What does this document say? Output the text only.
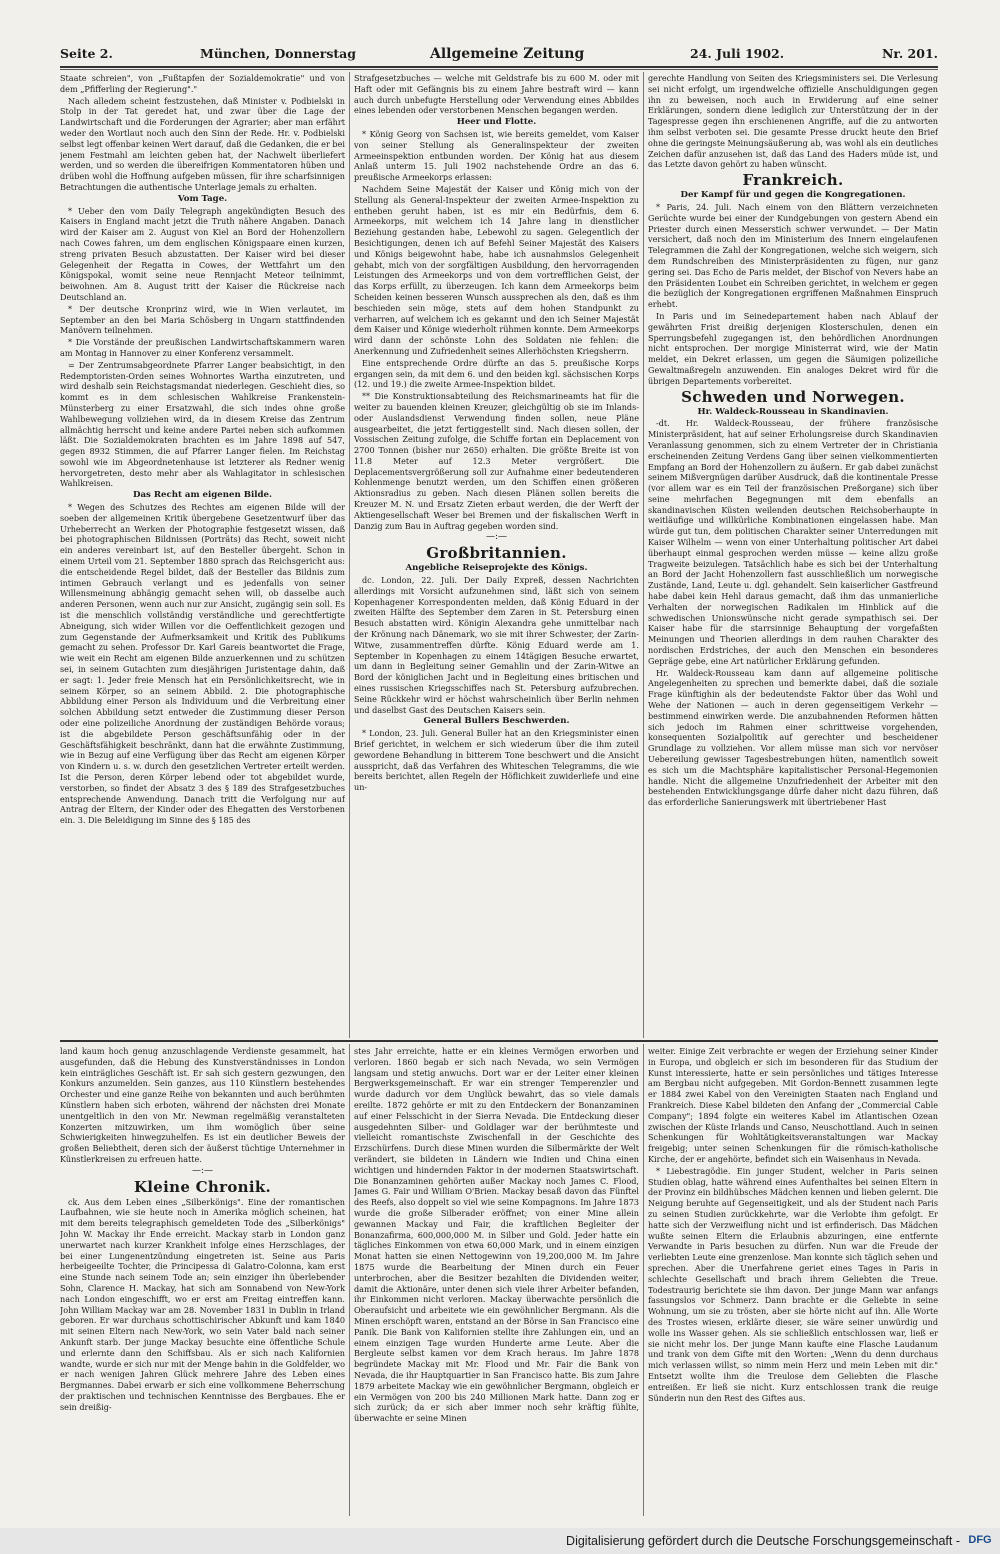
Seite 2.	München, Donnerstag	Allgemeine Zeitung	24. Juli 1902.	Nr. 201.

Staate schreien", von „Fußtapfen der Sozialdemokratie" und von dem „Pfifferling der Regierung"."

Nach alledem scheint festzustehen, daß Minister v. Podbielski in Stolp in der Tat geredet hat, und zwar über die Lage der Landwirtschaft und die Forderungen der Agrarier; aber man erfährt weder den Wortlaut noch auch den Sinn der Rede. Hr. v. Podbielski selbst legt offenbar keinen Wert darauf, daß die Gedanken, die er bei jenem Festmahl am leichten geben hat, der Nachwelt überliefert werden, und so werden die übereifrigen Kommentatoren hüben und drüben wohl die Hoffnung aufgeben müssen, für ihre scharfsinnigen Betrachtungen die authentische Unterlage jemals zu erhalten.

Vom Tage.

* Ueber den vom Daily Telegraph angekündigten Besuch des Kaisers in England macht jetzt die Truth nähere Angaben. Danach wird der Kaiser am 2. August von Kiel an Bord der Hohenzollern nach Cowes fahren, um dem englischen Königspaare einen kurzen, streng privaten Besuch abzustatten. Der Kaiser wird bei dieser Gelegenheit der Regatta in Cowes, der Wettfahrt um den Königspokal, womit seine neue Rennjacht Meteor teilnimmt, beiwohnen. Am 8. August tritt der Kaiser die Rückreise nach Deutschland an.

* Der deutsche Kronprinz wird, wie in Wien verlautet, im September an den bei Maria Schösberg in Ungarn stattfindenden Manövern teilnehmen.

* Die Vorstände der preußischen Landwirtschaftskammern waren am Montag in Hannover zu einer Konferenz versammelt.

= Der Zentrumsabgeordnete Pfarrer Langer beabsichtigt, in den Redemptoristen-Orden seines Wohnortes Wartha einzutreten, und wird deshalb sein Reichstagsmandat niederlegen. Geschieht dies, so kommt es in dem schlesischen Wahlkreise Frankenstein-Münsterberg zu einer Ersatzwahl, die sich indes ohne große Wahlbewegung vollziehen wird, da in diesem Kreise das Zentrum allmächtig herrscht und keine andere Partei neben sich aufkommen läßt. Die Sozialdemokraten brachten es im Jahre 1898 auf 547, gegen 8932 Stimmen, die auf Pfarrer Langer fielen. Im Reichstag sowohl wie im Abgeordnetenhause ist letzterer als Redner wenig hervorgetreten, desto mehr aber als Wahlagitator in schlesischen Wahlkreisen.

Das Recht am eigenen Bilde.

* Wegen des Schutzes des Rechtes am eigenen Bilde will der soeben der allgemeinen Kritik übergebene Gesetzentwurf über das Urheberrecht an Werken der Photographie festgesetzt wissen, daß bei photographischen Bildnissen (Porträts) das Recht, soweit nicht ein anderes vereinbart ist, auf den Besteller übergeht. Schon in einem Urteil vom 21. September 1880 sprach das Reichsgericht aus: die entscheidende Regel bildet, daß der Besteller das Bildnis zum intimen Gebrauch verlangt und es jedenfalls von seiner Willensmeinung abhängig gemacht sehen will, ob dasselbe auch anderen Personen, wenn auch nur zur Ansicht, zugängig sein soll. Es ist die menschlich vollständig verständliche und gerechtfertigte Abneigung, sich wider Willen vor die Oeffentlichkeit gezogen und zum Gegenstande der Aufmerksamkeit und Kritik des Publikums gemacht zu sehen. Professor Dr. Karl Gareis beantwortet die Frage, wie weit ein Recht am eigenen Bilde anzuerkennen und zu schützen sei, in seinem Gutachten zum diesjährigen Juristentage dahin, daß er sagt: 1. Jeder freie Mensch hat ein Persönlichkeitsrecht, wie in seinem Körper, so an seinem Abbild. 2. Die photographische Abbildung einer Person als Individuum und die Verbreitung einer solchen Abbildung setzt entweder die Zustimmung dieser Person oder eine polizeiliche Anordnung der zuständigen Behörde voraus; ist die abgebildete Person geschäftsunfähig oder in der Geschäftsfähigkeit beschränkt, dann hat die erwähnte Zustimmung, wie in Bezug auf eine Verfügung über das Recht am eigenen Körper von Kindern u. s. w. durch den gesetzlichen Vertreter erteilt werden. Ist die Person, deren Körper lebend oder tot abgebildet wurde, verstorben, so findet der Absatz 3 des § 189 des Strafgesetzbuches entsprechende Anwendung. Danach tritt die Verfolgung nur auf Antrag der Eltern, der Kinder oder des Ehegatten des Verstorbenen ein. 3. Die Beleidigung im Sinne des § 185 des

Strafgesetzbuches — welche mit Geldstrafe bis zu 600 M. oder mit Haft oder mit Gefängnis bis zu einem Jahre bestraft wird — kann auch durch unbefugte Herstellung oder Verwendung eines Abbildes eines lebenden oder verstorbenen Menschen begangen werden.

Heer und Flotte.

* König Georg von Sachsen ist, wie bereits gemeldet, vom Kaiser von seiner Stellung als Generalinspekteur der zweiten Armeeinspektion entbunden worden. Der König hat aus diesem Anlaß unterm 15. Juli 1902 nachstehende Ordre an das 6. preußische Armeekorps erlassen:

Nachdem Seine Majestät der Kaiser und König mich von der Stellung als General-Inspekteur der zweiten Armee-Inspektion zu entheben geruht haben, ist es mir ein Bedürfnis, dem 6. Armeekorps, mit welchem ich 14 Jahre lang in dienstlicher Beziehung gestanden habe, Lebewohl zu sagen. Gelegentlich der Besichtigungen, denen ich auf Befehl Seiner Majestät des Kaisers und Königs beigewohnt habe, habe ich ausnahmslos Gelegenheit gehabt, mich von der sorgfältigen Ausbildung, den hervorragenden Leistungen des Armeekorps und von dem vortrefflichen Geist, der das Korps erfüllt, zu überzeugen. Ich kann dem Armeekorps beim Scheiden keinen besseren Wunsch aussprechen als den, daß es ihm beschieden sein möge, stets auf dem hohen Standpunkt zu verharren, auf welchem ich es gekannt und den ich Seiner Majestät dem Kaiser und Könige wiederholt rühmen konnte. Dem Armeekorps wird dann der schönste Lohn des Soldaten nie fehlen: die Anerkennung und Zufriedenheit seines Allerhöchsten Kriegsherrn.

Eine entsprechende Ordre dürfte an das 5. preußische Korps ergangen sein, da mit dem 6. und den beiden kgl. sächsischen Korps (12. und 19.) die zweite Armee-Inspektion bildet.

** Die Konstruktionsabteilung des Reichsmarineamts hat für die weiter zu bauenden kleinen Kreuzer, gleichgültig ob sie im Inlands- oder Auslandsdienst Verwendung finden sollen, neue Pläne ausgearbeitet, die jetzt fertiggestellt sind. Nach diesen sollen, der Vossischen Zeitung zufolge, die Schiffe fortan ein Deplacement von 2700 Tonnen (bisher nur 2650) erhalten. Die größte Breite ist von 11.8 Meter auf 12.3 Meter vergrößert. Die Deplacementsvergrößerung soll zur Aufnahme einer bedeutenderen Kohlenmenge benutzt werden, um den Schiffen einen größeren Aktionsradius zu geben. Nach diesen Plänen sollen bereits die Kreuzer M. N. und Ersatz Zieten erbaut werden, die der Werft der Aktiengesellschaft Weser bei Bremen und der fiskalischen Werft in Danzig zum Bau in Auftrag gegeben worden sind.

—:—

Großbritannien.

Angebliche Reiseprojekte des Königs.

dc. London, 22. Juli. Der Daily Expreß, dessen Nachrichten allerdings mit Vorsicht aufzunehmen sind, läßt sich von seinem Kopenhagener Korrespondenten melden, daß König Eduard in der zweiten Hälfte des September dem Zaren in St. Petersburg einen Besuch abstatten wird. Königin Alexandra gehe unmittelbar nach der Krönung nach Dänemark, wo sie mit ihrer Schwester, der Zarin-Witwe, zusammentreffen dürfte. König Eduard werde am 1. September in Kopenhagen zu einem 14tägigen Besuche erwartet, um dann in Begleitung seiner Gemahlin und der Zarin-Witwe an Bord der königlichen Jacht und in Begleitung eines britischen und eines russischen Kriegsschiffes nach St. Petersburg aufzubrechen. Seine Rückkehr wird er höchst wahrscheinlich über Berlin nehmen und daselbst Gast des Deutschen Kaisers sein.

General Bullers Beschwerden.

* London, 23. Juli. General Buller hat an den Kriegsminister einen Brief gerichtet, in welchem er sich wiederum über die ihm zuteil gewordene Behandlung in bitterem Tone beschwert und die Ansicht ausspricht, daß das Verfahren des Whiteschen Telegramms, die wie bereits berichtet, allen Regeln der Höflichkeit zuwiderliefe und eine un-

gerechte Handlung von Seiten des Kriegsministers sei. Die Verlesung sei nicht erfolgt, um irgendwelche offizielle Anschuldigungen gegen ihn zu beweisen, noch auch in Erwiderung auf eine seiner Erklärungen, sondern diene lediglich zur Unterstützung der in der Tagespresse gegen ihn erschienenen Angriffe, auf die zu antworten ihm selbst verboten sei. Die gesamte Presse druckt heute den Brief ohne die geringste Meinungsäußerung ab, was wohl als ein deutliches Zeichen dafür anzusehen ist, daß das Land des Haders müde ist, und das Letzte davon gehört zu haben wünscht.

Frankreich.

Der Kampf für und gegen die Kongregationen.

* Paris, 24. Juli. Nach einem von den Blättern verzeichneten Gerüchte wurde bei einer der Kundgebungen von gestern Abend ein Priester durch einen Messerstich schwer verwundet. — Der Matin versichert, daß noch den im Ministerium des Innern eingelaufenen Telegrammen die Zahl der Kongregationen, welche sich weigern, sich dem Rundschreiben des Ministerpräsidenten zu fügen, nur ganz gering sei. Das Echo de Paris meldet, der Bischof von Nevers habe an den Präsidenten Loubet ein Schreiben gerichtet, in welchem er gegen die bezüglich der Kongregationen ergriffenen Maßnahmen Einspruch erhebt.

In Paris und im Seinedepartement haben nach Ablauf der gewährten Frist dreißig derjenigen Klosterschulen, denen ein Sperrungsbefehl zugegangen ist, den behördlichen Anordnungen nicht entsprochen. Der morgige Ministerrat wird, wie der Matin meldet, ein Dekret erlassen, um gegen die Säumigen polizeiliche Gewaltmaßregeln anzuwenden. Ein analoges Dekret wird für die übrigen Departements vorbereitet.

Schweden und Norwegen.

Hr. Waldeck-Rousseau in Skandinavien.

-dt. Hr. Waldeck-Rousseau, der frühere französische Ministerpräsident, hat auf seiner Erholungsreise durch Skandinavien Veranlassung genommen, sich zu einem Vertreter der in Christiania erscheinenden Zeitung Verdens Gang über seinen vielkommentierten Empfang an Bord der Hohenzollern zu äußern. Er gab dabei zunächst seinem Mißvergnügen darüber Ausdruck, daß die kontinentale Presse (vor allem war es ein Teil der französischen Preßorgane) sich über seine mehrfachen Begegnungen mit dem ebenfalls an skandinavischen Küsten weilenden deutschen Reichsoberhaupte in weitläufige und willkürliche Kombinationen eingelassen habe. Man würde gut tun, dem politischen Charakter seiner Unterredungen mit Kaiser Wilhelm — wenn von einer Unterhaltung politischer Art dabei überhaupt einmal gesprochen werden müsse — keine allzu große Tragweite beizulegen. Tatsächlich habe es sich bei der Unterhaltung an Bord der Jacht Hohenzollern fast ausschließlich um norwegische Zustände, Land, Leute u. dgl. gehandelt. Sein kaiserlicher Gastfreund habe dabei kein Hehl daraus gemacht, daß ihm das unmanierliche Verhalten der norwegischen Radikalen im Hinblick auf die schwedischen Unionswünsche nicht gerade sympathisch sei. Der Kaiser habe für die starrsinnige Behauptung der vorgefaßten Meinungen und Theorien allerdings in dem rauhen Charakter des nordischen Erdstriches, der auch den Menschen ein besonderes Gepräge gebe, eine Art natürlicher Erklärung gefunden.

Hr. Waldeck-Rousseau kam dann auf allgemeine politische Angelegenheiten zu sprechen und bemerkte dabei, daß die soziale Frage künftighin als der bedeutendste Faktor über das Wohl und Wehe der Nationen — auch in deren gegenseitigem Verkehr — bestimmend einwirken werde. Die anzubahnenden Reformen hätten sich jedoch im Rahmen einer schrittweise vorgehenden, konsequenten Sozialpolitik auf gerechter und bescheidener Grundlage zu vollziehen. Vor allem müsse man sich vor nervöser Uebereilung gewisser Tagesbestrebungen hüten, namentlich soweit es sich um die Machtsphäre kapitalistischer Personal-Hegemonien handle. Nicht die allgemeine Unzufriedenheit der Arbeiter mit den bestehenden Entwicklungsgange dürfe daher nicht dazu führen, daß das erforderliche Sanierungswerk mit übertriebener Hast

land kaum hoch genug anzuschlagende Verdienste gesammelt, hat ausgefunden, daß die Hebung des Kunstverständnisses in London kein einträgliches Geschäft ist. Er sah sich gestern gezwungen, den Konkurs anzumelden. Sein ganzes, aus 110 Künstlern bestehendes Orchester und eine ganze Reihe von bekannten und auch berühmten Künstlern haben sich erboten, während der nächsten drei Monate unentgeltlich in den von Mr. Newman regelmäßig veranstalteten Konzerten mitzuwirken, um ihm womöglich über seine Schwierigkeiten hinwegzuhelfen. Es ist ein deutlicher Beweis der großen Beliebtheit, deren sich der äußerst tüchtige Unternehmer in Künstlerkreisen zu erfreuen hatte.

—:—

Kleine Chronik.

ck. Aus dem Leben eines „Silberkönigs". Eine der romantischen Laufbahnen, wie sie heute noch in Amerika möglich scheinen, hat mit dem bereits telegraphisch gemeldeten Tode des „Silberkönigs" John W. Mackay ihr Ende erreicht. Mackay starb in London ganz unerwartet nach kurzer Krankheit infolge eines Herzschlages, der bei einer Lungenentzündung eingetreten ist. Seine aus Paris herbeigeeilte Tochter, die Principessa di Galatro-Colonna, kam erst eine Stunde nach seinem Tode an; sein einziger ihn überlebender Sohn, Clarence H. Mackay, hat sich am Sonnabend von New-York nach London eingeschifft, wo er erst am Freitag eintreffen kann. John William Mackay war am 28. November 1831 in Dublin in Irland geboren. Er war durchaus schottischirischer Abkunft und kam 1840 mit seinen Eltern nach New-York, wo sein Vater bald nach seiner Ankunft starb. Der junge Mackay besuchte eine öffentliche Schule und erlernte dann den Schiffsbau. Als er sich nach Kalifornien wandte, wurde er sich nur mit der Menge bahin in die Goldfelder, wo er nach wenigen Jahren Glück mehrere Jahre des Leben eines Bergmannes. Dabei erwarb er sich eine vollkommene Beherrschung der praktischen und technischen Kenntnisse des Bergbaues. Ehe er sein dreißig-

stes Jahr erreichte, hatte er ein kleines Vermögen erworben und verloren. 1860 begab er sich nach Nevada, wo sein Vermögen langsam und stetig anwuchs. Dort war er der Leiter einer kleinen Bergwerksgemeinschaft. Er war ein strenger Temperenzler und wurde dadurch vor dem Unglück bewahrt, das so viele damals ereilte. 1872 gehörte er mit zu den Entdeckern der Bonanzaminen auf einer Felsschicht in der Sierra Nevada. Die Entdeckung dieser ausgedehnten Silber- und Goldlager war der berühmteste und vielleicht romantischste Zwischenfall in der Geschichte des Erzschürfens. Durch diese Minen wurden die Silbermärkte der Welt verändert, sie bildeten in Ländern wie Indien und China einen wichtigen und hindernden Faktor in der modernen Staatswirtschaft. Die Bonanzaminen gehörten außer Mackay noch James C. Flood, James G. Fair und William O'Brien. Mackay besaß davon das Fünftel des Reefs, also doppelt so viel wie seine Kompagnons. Im Jahre 1873 wurde die große Silberader eröffnet; von einer Mine allein gewannen Mackay und Fair, die kraftlichen Begleiter der Bonanzafirma, 600,000,000 M. in Silber und Gold. Jeder hatte ein tägliches Einkommen von etwa 60,000 Mark, und in einem einzigen Monat hatten sie einen Nettogewinn von 19,200,000 M. Im Jahre 1875 wurde die Bearbeitung der Minen durch ein Feuer unterbrochen, aber die Besitzer bezahlten die Dividenden weiter, damit die Aktionäre, unter denen sich viele ihrer Arbeiter befanden, ihr Einkommen nicht verloren. Mackay überwachte persönlich die Oberaufsicht und arbeitete wie ein gewöhnlicher Bergmann. Als die Minen erschöpft waren, entstand an der Börse in San Francisco eine Panik. Die Bank von Kalifornien stellte ihre Zahlungen ein, und an einem einzigen Tage wurden Hunderte arme Leute. Aber die Bergleute selbst kamen vor dem Krach heraus. Im Jahre 1878 begründete Mackay mit Mr. Flood und Mr. Fair die Bank von Nevada, die ihr Hauptquartier in San Francisco hatte. Bis zum Jahre 1879 arbeitete Mackay wie ein gewöhnlicher Bergmann, obgleich er ein Vermögen von 200 bis 240 Millionen Mark hatte. Dann zog er sich zurück; da er sich aber immer noch sehr kräftig fühlte, überwachte er seine Minen

weiter. Einige Zeit verbrachte er wegen der Erziehung seiner Kinder in Europa, und obgleich er sich im besonderen für das Studium der Kunst interessierte, hatte er sein persönliches und tätiges Interesse am Bergbau nicht aufgegeben. Mit Gordon-Bennett zusammen legte er 1884 zwei Kabel von den Vereinigten Staaten nach England und Frankreich. Diese Kabel bildeten den Anfang der „Commercial Cable Company"; 1894 folgte ein weiteres Kabel im Atlantischen Ozean zwischen der Küste Irlands und Canso, Neuschottland. Auch in seinen Schenkungen für Wohltätigkeitsveranstaltungen war Mackay freigebig; unter seinen Schenkungen für die römisch-katholische Kirche, der er angehörte, befindet sich ein Waisenhaus in Nevada.

* Liebestragödie. Ein junger Student, welcher in Paris seinen Studien oblag, hatte während eines Aufenthaltes bei seinen Eltern in der Provinz ein bildhübsches Mädchen kennen und lieben gelernt. Die Neigung beruhte auf Gegenseitigkeit, und als der Student nach Paris zu seinen Studien zurückkehrte, war die Verlobte ihm gefolgt. Er hatte sich der Verzweiflung nicht und ist erfinderisch. Das Mädchen wußte seinen Eltern die Erlaubnis abzuringen, eine entfernte Verwandte in Paris besuchen zu dürfen. Nun war die Freude der verliebten Leute eine grenzenlose. Man konnte sich täglich sehen und sprechen. Aber die Unerfahrene geriet eines Tages in Paris in schlechte Gesellschaft und brach ihrem Geliebten die Treue. Todestraurig berichtete sie ihm davon. Der junge Mann war anfangs fassungslos vor Schmerz. Dann brachte er die Geliebte in seine Wohnung, um sie zu trösten, aber sie hörte nicht auf ihn. Alle Worte des Trostes wiesen, erklärte dieser, sie wäre seiner unwürdig und wolle ins Wasser gehen. Als sie schließlich entschlossen war, ließ er sie nicht mehr los. Der junge Mann kaufte eine Flasche Laudanum und trank von dem Gifte mit den Worten: „Wenn du denn durchaus mich verlassen willst, so nimm mein Herz und mein Leben mit dir." Entsetzt wollte ihm die Treulose dem Geliebten die Flasche entreißen. Er ließ sie nicht. Kurz entschlossen trank die reuige Sünderin nun den Rest des Giftes aus.

Digitalisierung gefördert durch die Deutsche Forschungsgemeinschaft - DFG
